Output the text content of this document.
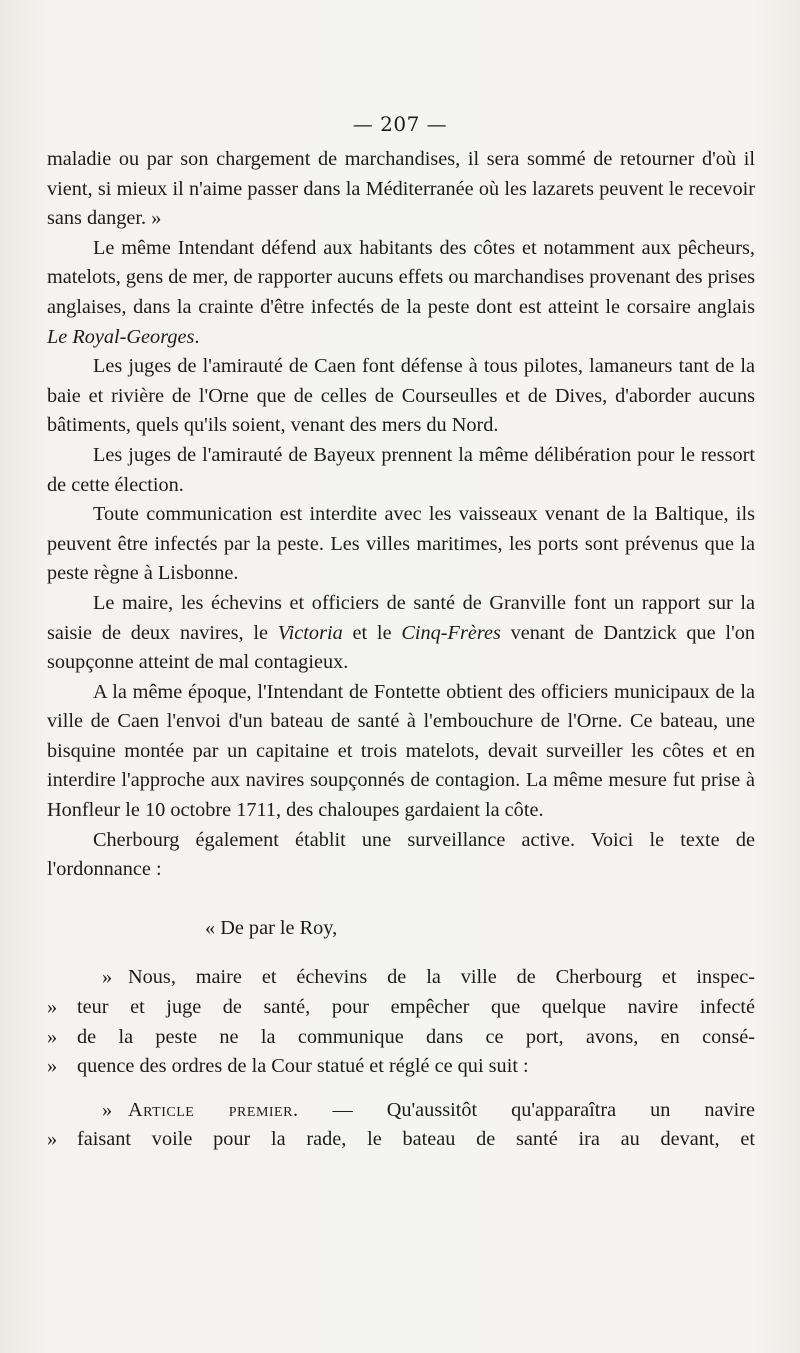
— 207 —

maladie ou par son chargement de marchandises, il sera sommé de retourner d'où il vient, si mieux il n'aime passer dans la Méditerranée où les lazarets peuvent le recevoir sans danger. »

Le même Intendant défend aux habitants des côtes et notamment aux pêcheurs, matelots, gens de mer, de rapporter aucuns effets ou marchandises provenant des prises anglaises, dans la crainte d'être infectés de la peste dont est atteint le corsaire anglais Le Royal-Georges.

Les juges de l'amirauté de Caen font défense à tous pilotes, lamaneurs tant de la baie et rivière de l'Orne que de celles de Courseulles et de Dives, d'aborder aucuns bâtiments, quels qu'ils soient, venant des mers du Nord.

Les juges de l'amirauté de Bayeux prennent la même délibération pour le ressort de cette élection.

Toute communication est interdite avec les vaisseaux venant de la Baltique, ils peuvent être infectés par la peste. Les villes maritimes, les ports sont prévenus que la peste règne à Lisbonne.

Le maire, les échevins et officiers de santé de Granville font un rapport sur la saisie de deux navires, le Victoria et le Cinq-Frères venant de Dantzick que l'on soupçonne atteint de mal contagieux.

A la même époque, l'Intendant de Fontette obtient des officiers municipaux de la ville de Caen l'envoi d'un bateau de santé à l'embouchure de l'Orne. Ce bateau, une bisquine montée par un capitaine et trois matelots, devait surveiller les côtes et en interdire l'approche aux navires soupçonnés de contagion. La même mesure fut prise à Honfleur le 10 octobre 1711, des chaloupes gardaient la côte.

Cherbourg également établit une surveillance active. Voici le texte de l'ordonnance :

« De par le Roy,

» Nous, maire et échevins de la ville de Cherbourg et inspec-
» teur et juge de santé, pour empêcher que quelque navire infecté
» de la peste ne la communique dans ce port, avons, en consé-
» quence des ordres de la Cour statué et réglé ce qui suit :
» Article premier. — Qu'aussitôt qu'apparaîtra un navire
» faisant voile pour la rade, le bateau de santé ira au devant, et
